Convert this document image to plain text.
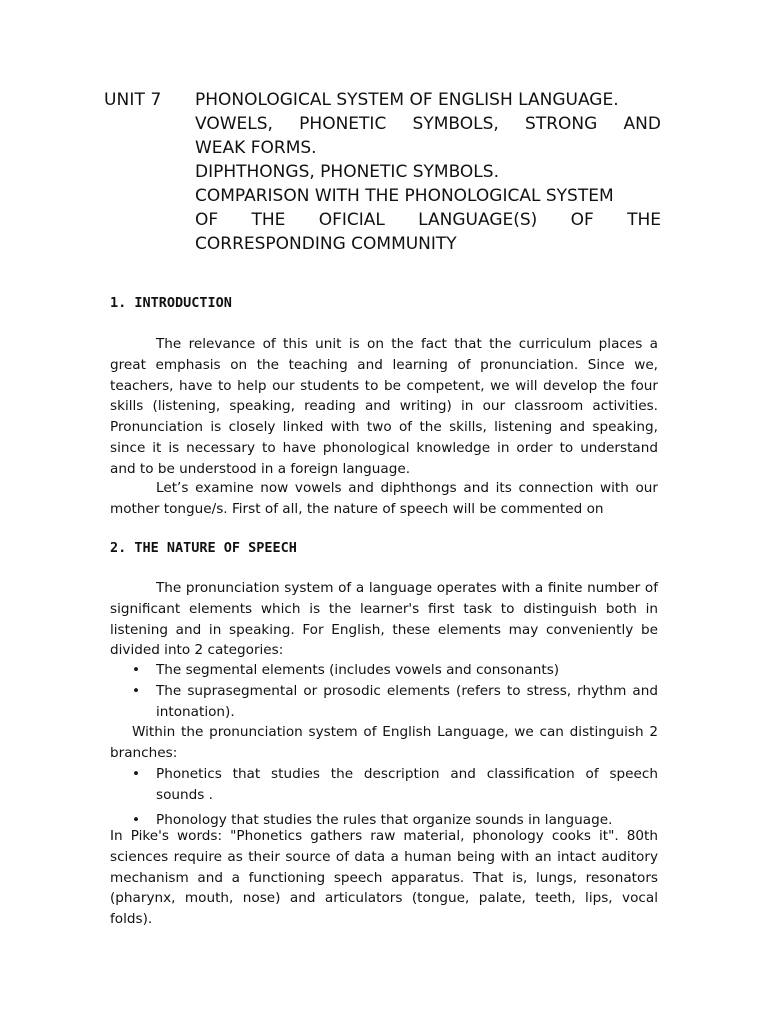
UNIT 7 PHONOLOGICAL SYSTEM OF ENGLISH LANGUAGE.
VOWELS, PHONETIC SYMBOLS, STRONG AND
WEAK FORMS.
DIPHTHONGS, PHONETIC SYMBOLS.
COMPARISON WITH THE PHONOLOGICAL SYSTEM
OF THE OFICIAL LANGUAGE(S) OF THE
CORRESPONDING COMMUNITY
1. INTRODUCTION

The relevance of this unit is on the fact that the curriculum places a great emphasis on the teaching and learning of pronunciation. Since we, teachers, have to help our students to be competent, we will develop the four skills (listening, speaking, reading and writing) in our classroom activities. Pronunciation is closely linked with two of the skills, listening and speaking, since it is necessary to have phonological knowledge in order to understand and to be understood in a foreign language.

Let’s examine now vowels and diphthongs and its connection with our mother tongue/s. First of all, the nature of speech will be commented on

2. THE NATURE OF SPEECH

The pronunciation system of a language operates with a finite number of significant elements which is the learner's first task to distinguish both in listening and in speaking. For English, these elements may conveniently be divided into 2 categories:

• The segmental elements (includes vowels and consonants)
• The suprasegmental or prosodic elements (refers to stress, rhythm and intonation).

Within the pronunciation system of English Language, we can distinguish 2 branches:

• Phonetics that studies the description and classification of speech sounds .
• Phonology that studies the rules that organize sounds in language.

In Pike's words: "Phonetics gathers raw material, phonology cooks it". 80th sciences require as their source of data a human being with an intact auditory mechanism and a functioning speech apparatus. That is, lungs, resonators (pharynx, mouth, nose) and articulators (tongue, palate, teeth, lips, vocal folds).
